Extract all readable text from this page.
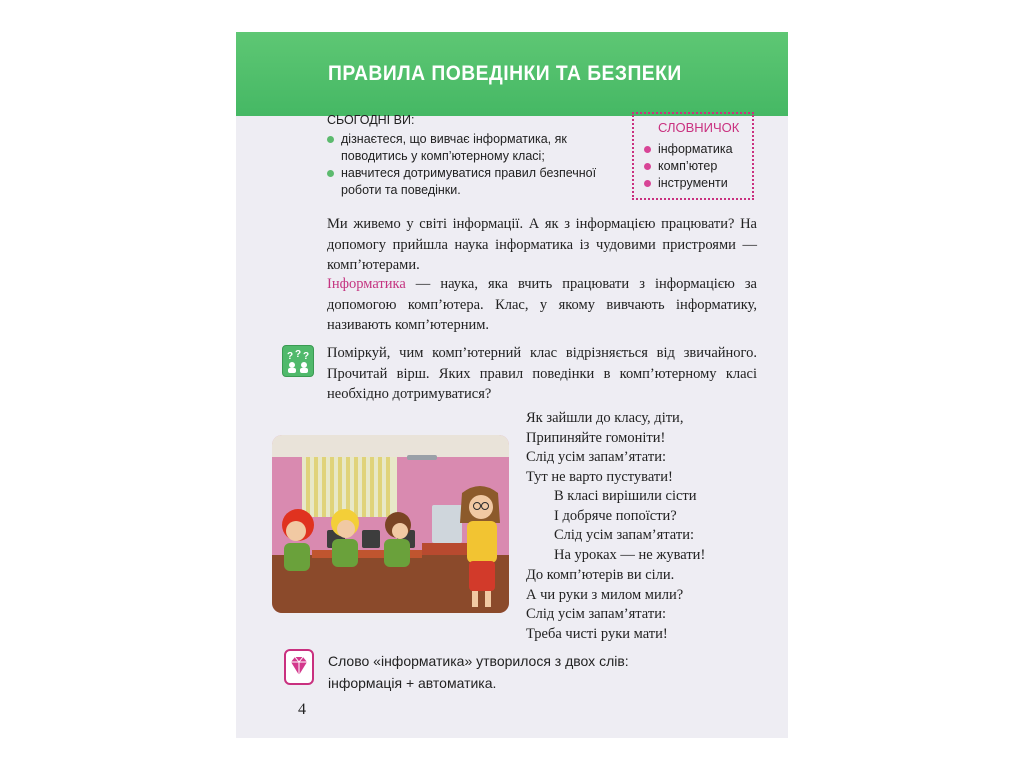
ПРАВИЛА ПОВЕДІНКИ ТА БЕЗПЕКИ

СЬОГОДНІ ВИ:

дізнаєтеся, що вивчає інформатика, як поводитись у комп’ютерному класі;
навчитеся дотримуватися правил безпечної роботи та поведінки.
СЛОВНИЧОК
інформатика
комп’ютер
інструменти

Ми живемо у світі інформації. А як з інформацією працювати? На допомогу прийшла наука інформатика із чудовими пристроями — комп’ютерами.

Інформатика — наука, яка вчить працювати з інформацією за допомогою комп’ютера. Клас, у якому вивчають інформатику, називають комп’ютерним.

? ? ? Поміркуй, чим комп’ютерний клас відрізняється від звичайного. Прочитай вірш. Яких правил поведінки в комп’ютерному класі необхідно дотримуватися?

Як зайшли до класу, діти,

Припиняйте гомоніти!

Слід усім запам’ятати:

Тут не варто пустувати!

В класі вирішили сісти

І добряче попоїсти?

Слід усім запам’ятати:

На уроках — не жувати!

До комп’ютерів ви сіли.

А чи руки з милом мили?

Слід усім запам’ятати:

Треба чисті руки мати!

Слово «інформатика» утворилося з двох слів:

інформація + автоматика.

4
